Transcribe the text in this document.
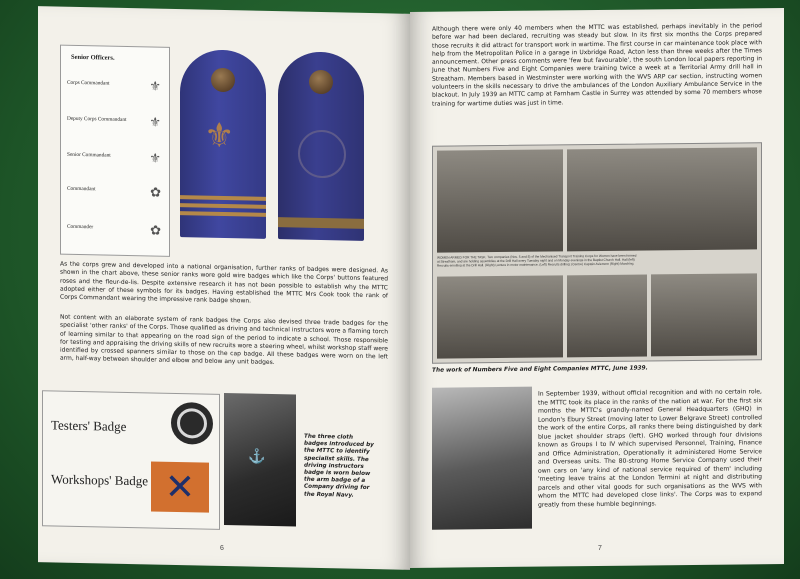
Senior Officers.
Corps Commandant	⚜
Deputy Corps Commandant	⚜
Senior Commandant	⚜
Commandant	✿
Commander	✿
⚜

As the corps grew and developed into a national organisation, further ranks of badges were designed. As shown in the chart above, these senior ranks wore gold wire badges which like the Corps' buttons featured roses and the fleur-de-lis. Despite extensive research it has not been possible to establish why the MTTC adopted either of these symbols for its badges. Having established the MTTC Mrs Cook took the rank of Corps Commandant wearing the impressive rank badge shown.

Not content with an elaborate system of rank badges the Corps also devised three trade badges for the specialist 'other ranks' of the Corps. Those qualified as driving and technical instructors wore a flaming torch of learning similar to that appearing on the road sign of the period to indicate a school. Those responsible for testing and appraising the driving skills of new recruits wore a steering wheel, whilst workshop staff were identified by crossed spanners similar to those on the cap badge. All these badges were worn on the left arm, half-way between shoulder and elbow and below any unit badges.

Testers' Badge
Workshops' Badge ✕
⚓
The three cloth badges introduced by the MTTC to identify specialist skills. The driving instructors badge is worn below the arm badge of a Company driving for the Royal Navy.
6

Although there were only 40 members when the MTTC was established, perhaps inevitably in the period before war had been declared, recruiting was steady but slow. In its first six months the Corps prepared those recruits it did attract for transport work in wartime. The first course in car maintenance took place with help from the Metropolitan Police in a garage in Uxbridge Road, Acton less than three weeks after the Times announcement. Other press comments were 'few but favourable', the south London local papers reporting in June that Numbers Five and Eight Companies were training twice a week at a Territorial Army drill hall in Streatham. Members based in Westminster were working with the WVS ARP car section, instructing women volunteers in the skills necessary to drive the ambulances of the London Auxiliary Ambulance Service in the blackout. In July 1939 an MTTC camp at Farnham Castle in Surrey was attended by some 70 members whose training for wartime duties was just in time.

WOMEN ARMED FOR THE TASK. Two companies (Nos. 5 and 8) of the Mechanised Transport Training Corps for Women have been formed at Streatham, and are holding assemblies at the Drill Hall every Tuesday night and on Monday evenings in the Baptist Church Hall. Hall (left) Recruits enrolling at the Drill Hall. (Right) Lecture in motor maintenance. (Left) Recruits drilling; (Centre) Captain Aviemore (Right) Marching.
The work of Numbers Five and Eight Companies MTTC, June 1939.

In September 1939, without official recognition and with no certain role, the MTTC took its place in the ranks of the nation at war. For the first six months the MTTC's grandly-named General Headquarters (GHQ) in London's Ebury Street (moving later to Lower Belgrave Street) controlled the work of the entire Corps, all ranks there being distinguished by dark blue jacket shoulder straps (left). GHQ worked through four divisions known as Groups I to IV which supervised Personnel, Training, Finance and Office Administration, Operationally it administered Home Service and Overseas units. The 80-strong Home Service Company used their own cars on 'any kind of national service required of them' including 'meeting leave trains at the London Termini at night and distributing parcels and other vital goods for such organisations as the WVS with whom the MTTC had developed close links'. The Corps was to expand greatly from these humble beginnings.

7
